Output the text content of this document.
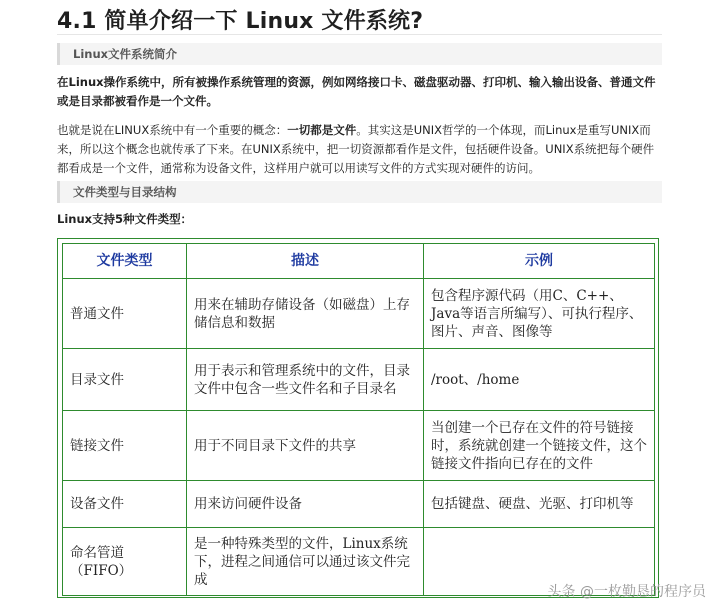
4.1 简单介绍一下 Linux 文件系统?
Linux文件系统简介

在Linux操作系统中，所有被操作系统管理的资源，例如网络接口卡、磁盘驱动器、打印机、输入输出设备、普通文件或是目录都被看作是一个文件。

也就是说在LINUX系统中有一个重要的概念：一切都是文件。其实这是UNIX哲学的一个体现，而Linux是重写UNIX而来，所以这个概念也就传承了下来。在UNIX系统中，把一切资源都看作是文件，包括硬件设备。UNIX系统把每个硬件都看成是一个文件，通常称为设备文件，这样用户就可以用读写文件的方式实现对硬件的访问。

文件类型与目录结构

Linux支持5种文件类型：

文件类型	描述	示例
普通文件	用来在辅助存储设备（如磁盘）上存储信息和数据	包含程序源代码（用C、C++、Java等语言所编写）、可执行程序、图片、声音、图像等
目录文件	用于表示和管理系统中的文件，目录文件中包含一些文件名和子目录名	/root、/home
链接文件	用于不同目录下文件的共享	当创建一个已存在文件的符号链接时，系统就创建一个链接文件，这个链接文件指向已存在的文件
设备文件	用来访问硬件设备	包括键盘、硬盘、光驱、打印机等
命名管道（FIFO）	是一种特殊类型的文件，Linux系统下，进程之间通信可以通过该文件完成	
头条 @一枚勤恳的程序员
